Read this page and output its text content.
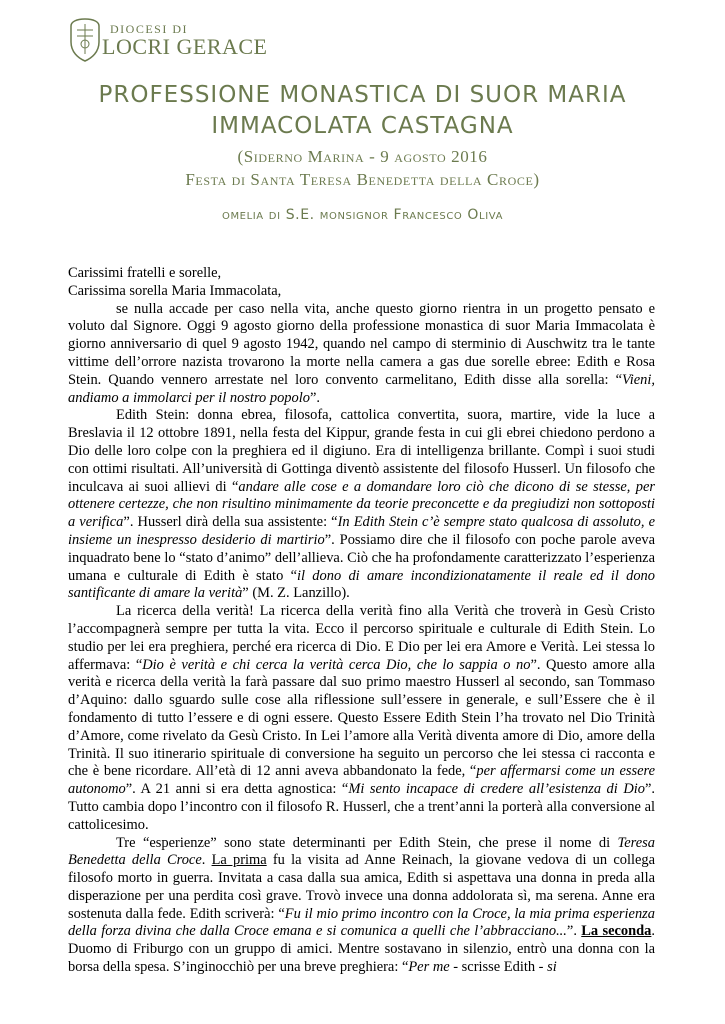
DIOCESI DI
LOCRI GERACE
PROFESSIONE MONASTICA DI SUOR MARIA
IMMACOLATA CASTAGNA
(Siderno Marina - 9 agosto 2016
Festa di Santa Teresa Benedetta della Croce)
omelia di S.E. monsignor Francesco Oliva

Carissimi fratelli e sorelle,

Carissima sorella Maria Immacolata,

se nulla accade per caso nella vita, anche questo giorno rientra in un progetto pensato e voluto dal Signore. Oggi 9 agosto giorno della professione monastica di suor Maria Immacolata è giorno anniversario di quel 9 agosto 1942, quando nel campo di sterminio di Auschwitz tra le tante vittime dell’orrore nazista trovarono la morte nella camera a gas due sorelle ebree: Edith e Rosa Stein. Quando vennero arrestate nel loro convento carmelitano, Edith disse alla sorella: “Vieni, andiamo a immolarci per il nostro popolo”.

Edith Stein: donna ebrea, filosofa, cattolica convertita, suora, martire, vide la luce a Breslavia il 12 ottobre 1891, nella festa del Kippur, grande festa in cui gli ebrei chiedono perdono a Dio delle loro colpe con la preghiera ed il digiuno. Era di intelligenza brillante. Compì i suoi studi con ottimi risultati. All’università di Gottinga diventò assistente del filosofo Husserl. Un filosofo che inculcava ai suoi allievi di “andare alle cose e a domandare loro ciò che dicono di se stesse, per ottenere certezze, che non risultino minimamente da teorie preconcette e da pregiudizi non sottoposti a verifica”. Husserl dirà della sua assistente: “In Edith Stein c’è sempre stato qualcosa di assoluto, e insieme un inespresso desiderio di martirio”. Possiamo dire che il filosofo con poche parole aveva inquadrato bene lo “stato d’animo” dell’allieva. Ciò che ha profondamente caratterizzato l’esperienza umana e culturale di Edith è stato “il dono di amare incondizionatamente il reale ed il dono santificante di amare la verità” (M. Z. Lanzillo).

La ricerca della verità! La ricerca della verità fino alla Verità che troverà in Gesù Cristo l’accompagnerà sempre per tutta la vita. Ecco il percorso spirituale e culturale di Edith Stein. Lo studio per lei era preghiera, perché era ricerca di Dio. E Dio per lei era Amore e Verità. Lei stessa lo affermava: “Dio è verità e chi cerca la verità cerca Dio, che lo sappia o no”. Questo amore alla verità e ricerca della verità la farà passare dal suo primo maestro Husserl al secondo, san Tommaso d’Aquino: dallo sguardo sulle cose alla riflessione sull’essere in generale, e sull’Essere che è il fondamento di tutto l’essere e di ogni essere. Questo Essere Edith Stein l’ha trovato nel Dio Trinità d’Amore, come rivelato da Gesù Cristo. In Lei l’amore alla Verità diventa amore di Dio, amore della Trinità. Il suo itinerario spirituale di conversione ha seguito un percorso che lei stessa ci racconta e che è bene ricordare. All’età di 12 anni aveva abbandonato la fede, “per affermarsi come un essere autonomo”. A 21 anni si era detta agnostica: “Mi sento incapace di credere all’esistenza di Dio”. Tutto cambia dopo l’incontro con il filosofo R. Husserl, che a trent’anni la porterà alla conversione al cattolicesimo.

Tre “esperienze” sono state determinanti per Edith Stein, che prese il nome di Teresa Benedetta della Croce. La prima fu la visita ad Anne Reinach, la giovane vedova di un collega filosofo morto in guerra. Invitata a casa dalla sua amica, Edith si aspettava una donna in preda alla disperazione per una perdita così grave. Trovò invece una donna addolorata sì, ma serena. Anne era sostenuta dalla fede. Edith scriverà: “Fu il mio primo incontro con la Croce, la mia prima esperienza della forza divina che dalla Croce emana e si comunica a quelli che l’abbracciano...”. La seconda. Duomo di Friburgo con un gruppo di amici. Mentre sostavano in silenzio, entrò una donna con la borsa della spesa. S’inginocchiò per una breve preghiera: “Per me - scrisse Edith - si
